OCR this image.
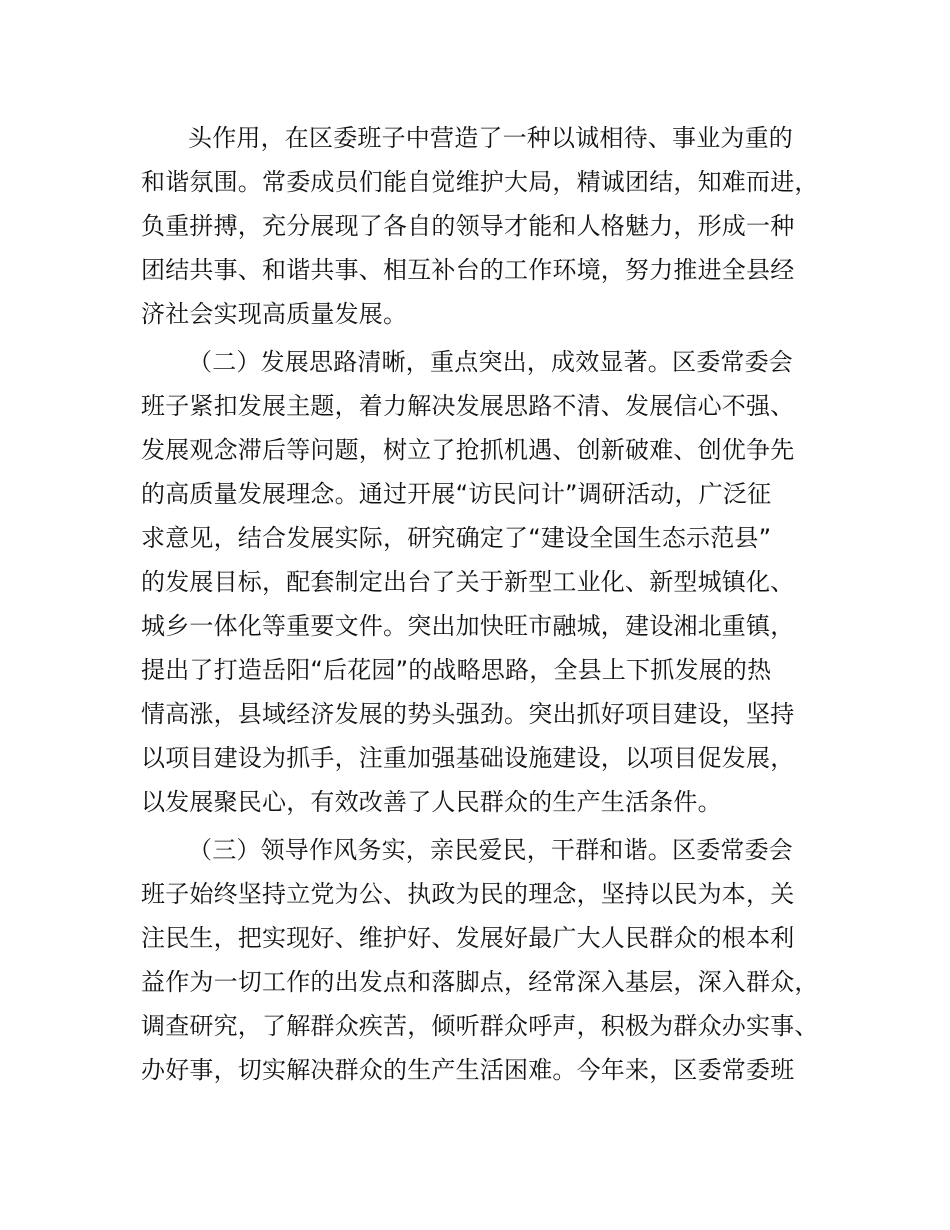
头作用，在区委班子中营造了一种以诚相待、事业为重的
和谐氛围。常委成员们能自觉维护大局，精诚团结，知难而进，
负重拼搏，充分展现了各自的领导才能和人格魅力，形成一种
团结共事、和谐共事、相互补台的工作环境，努力推进全县经
济社会实现高质量发展。
（二）发展思路清晰，重点突出，成效显著。区委常委会
班子紧扣发展主题，着力解决发展思路不清、发展信心不强、
发展观念滞后等问题，树立了抢抓机遇、创新破难、创优争先
的高质量发展理念。通过开展“访民问计”调研活动，广泛征
求意见，结合发展实际，研究确定了“建设全国生态示范县”
的发展目标，配套制定出台了关于新型工业化、新型城镇化、
城乡一体化等重要文件。突出加快旺市融城，建设湘北重镇，
提出了打造岳阳“后花园”的战略思路，全县上下抓发展的热
情高涨，县域经济发展的势头强劲。突出抓好项目建设，坚持
以项目建设为抓手，注重加强基础设施建设，以项目促发展，
以发展聚民心，有效改善了人民群众的生产生活条件。
（三）领导作风务实，亲民爱民，干群和谐。区委常委会
班子始终坚持立党为公、执政为民的理念，坚持以民为本，关
注民生，把实现好、维护好、发展好最广大人民群众的根本利
益作为一切工作的出发点和落脚点，经常深入基层，深入群众，
调查研究，了解群众疾苦，倾听群众呼声，积极为群众办实事、
办好事，切实解决群众的生产生活困难。今年来，区委常委班
